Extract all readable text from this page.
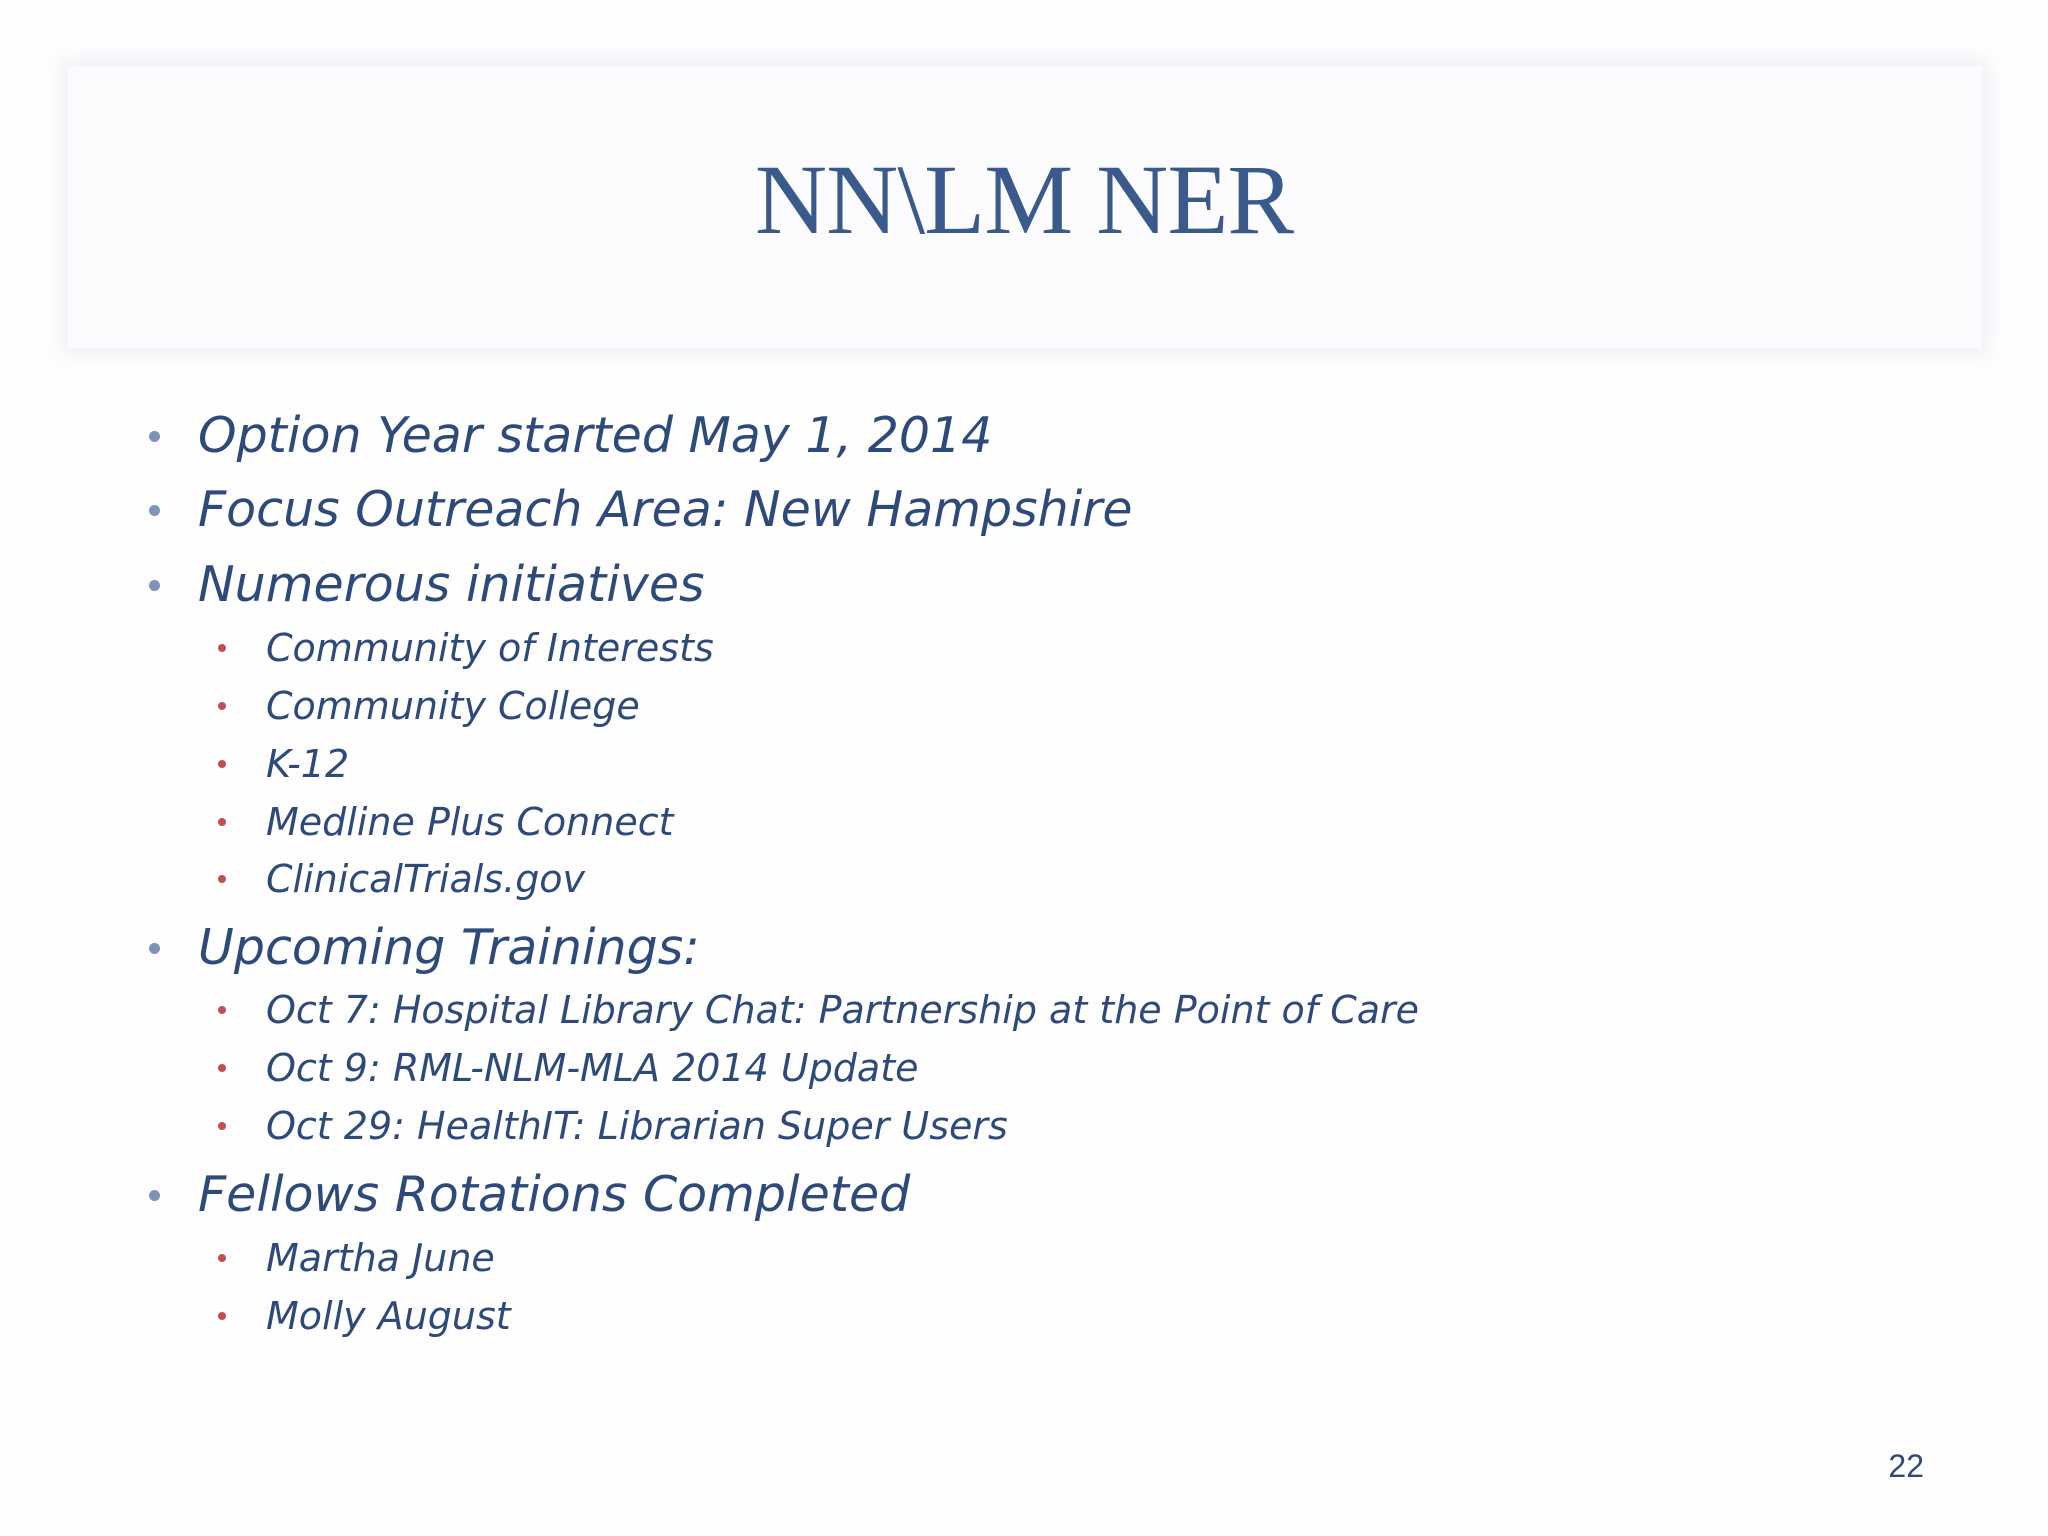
NN\LM NER
Option Year started May 1, 2014
Focus Outreach Area: New Hampshire
Numerous initiatives
Community of Interests
Community College
K-12
Medline Plus Connect
ClinicalTrials.gov
Upcoming Trainings:
Oct 7: Hospital Library Chat: Partnership at the Point of Care
Oct 9: RML-NLM-MLA 2014 Update
Oct 29: HealthIT: Librarian Super Users
Fellows Rotations Completed
Martha June
Molly August
22
